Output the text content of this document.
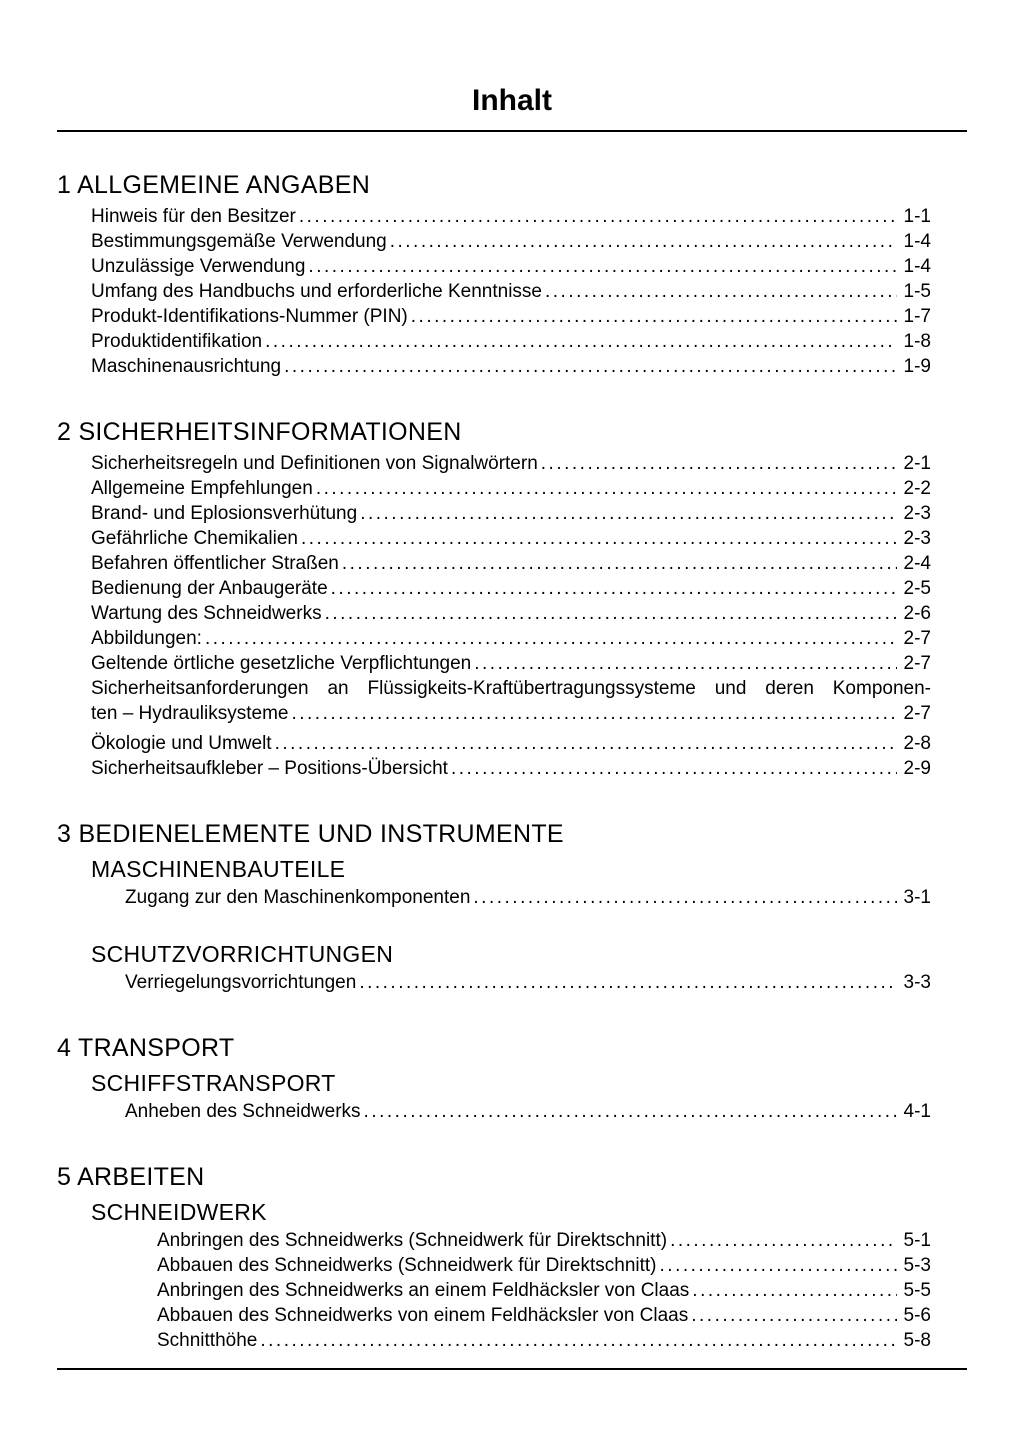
Inhalt
1 ALLGEMEINE ANGABEN
Hinweis für den Besitzer .....	1-1
Bestimmungsgemäße Verwendung .....	1-4
Unzulässige Verwendung .....	1-4
Umfang des Handbuchs und erforderliche Kenntnisse .....	1-5
Produkt-Identifikations-Nummer (PIN) .....	1-7
Produktidentifikation .....	1-8
Maschinenausrichtung .....	1-9
2 SICHERHEITSINFORMATIONEN
Sicherheitsregeln und Definitionen von Signalwörtern .....	2-1
Allgemeine Empfehlungen .....	2-2
Brand- und Eplosionsverhütung .....	2-3
Gefährliche Chemikalien .....	2-3
Befahren öffentlicher Straßen .....	2-4
Bedienung der Anbaugeräte .....	2-5
Wartung des Schneidwerks .....	2-6
Abbildungen: .....	2-7
Geltende örtliche gesetzliche Verpflichtungen .....	2-7
Sicherheitsanforderungen an Flüssigkeits-Kraftübertragungssysteme und deren Komponen-
ten – Hydrauliksysteme .....	2-7
Ökologie und Umwelt .....	2-8
Sicherheitsaufkleber – Positions-Übersicht .....	2-9
3 BEDIENELEMENTE UND INSTRUMENTE
MASCHINENBAUTEILE
Zugang zur den Maschinenkomponenten .....	3-1
SCHUTZVORRICHTUNGEN
Verriegelungsvorrichtungen .....	3-3
4 TRANSPORT
SCHIFFSTRANSPORT
Anheben des Schneidwerks .....	4-1
5 ARBEITEN
SCHNEIDWERK
Anbringen des Schneidwerks (Schneidwerk für Direktschnitt) .....	5-1
Abbauen des Schneidwerks (Schneidwerk für Direktschnitt) .....	5-3
Anbringen des Schneidwerks an einem Feldhäcksler von Claas .....	5-5
Abbauen des Schneidwerks von einem Feldhäcksler von Claas .....	5-6
Schnitthöhe .....	5-8
